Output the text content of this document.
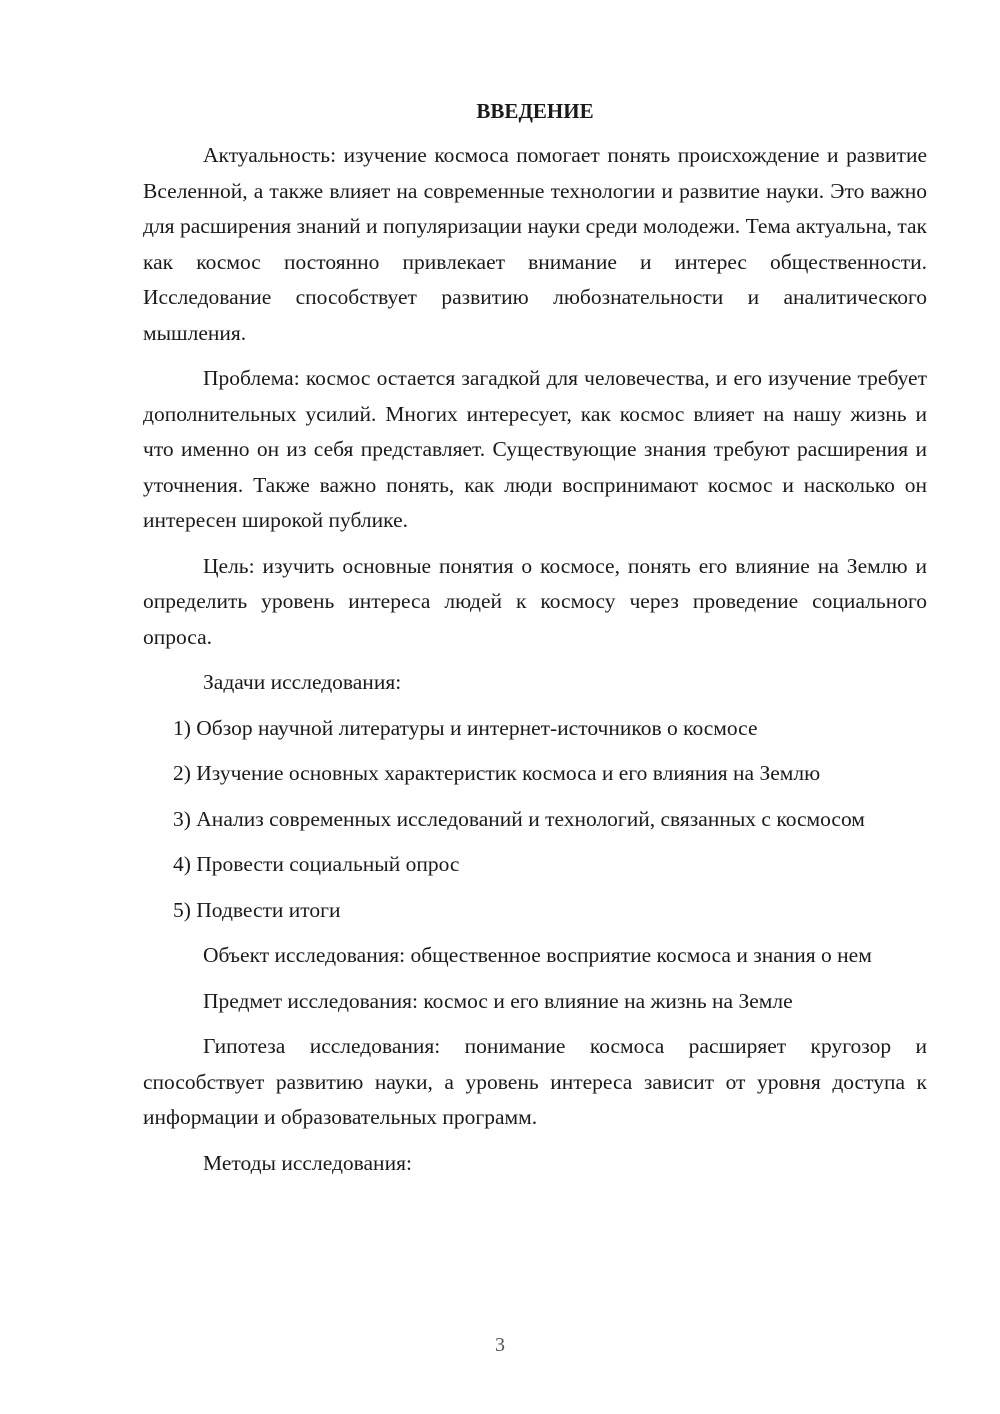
ВВЕДЕНИЕ

Актуальность: изучение космоса помогает понять происхождение и развитие Вселенной, а также влияет на современные технологии и развитие науки. Это важно для расширения знаний и популяризации науки среди молодежи. Тема актуальна, так как космос постоянно привлекает внимание и интерес общественности. Исследование способствует развитию любознательности и аналитического мышления.

Проблема: космос остается загадкой для человечества, и его изучение требует дополнительных усилий. Многих интересует, как космос влияет на нашу жизнь и что именно он из себя представляет. Существующие знания требуют расширения и уточнения. Также важно понять, как люди воспринимают космос и насколько он интересен широкой публике.

Цель: изучить основные понятия о космосе, понять его влияние на Землю и определить уровень интереса людей к космосу через проведение социального опроса.

Задачи исследования:

1) Обзор научной литературы и интернет-источников о космосе

2) Изучение основных характеристик космоса и его влияния на Землю

3) Анализ современных исследований и технологий, связанных с космосом

4) Провести социальный опрос

5) Подвести итоги

Объект исследования: общественное восприятие космоса и знания о нем

Предмет исследования: космос и его влияние на жизнь на Земле

Гипотеза исследования: понимание космоса расширяет кругозор и способствует развитию науки, а уровень интереса зависит от уровня доступа к информации и образовательных программ.

Методы исследования:

3
